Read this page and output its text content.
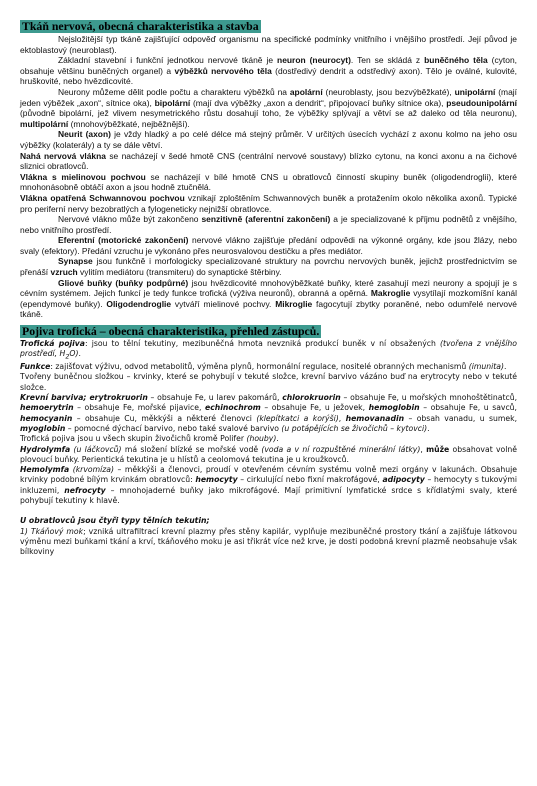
Tkáň nervová, obecná charakteristika a stavba

Nejsložitější typ tkáně zajišťující odpověď organismu na specifické podmínky vnitřního i vnějšího prostředí. Její původ je ektoblastový (neuroblast).

Základní stavební i funkční jednotkou nervové tkáně je neuron (neurocyt). Ten se skládá z buněčného těla (cyton, obsahuje většinu buněčných organel) a výběžků nervového těla (dostředivý dendrit a odstředivý axon). Tělo je oválné, kulovité, hruškovité, nebo hvězdicovité.

Neurony můžeme dělit podle počtu a charakteru výběžků na apolární (neuroblasty, jsou bezvýběžkaté), unipolární (mají jeden výběžek „axon“, sítnice oka), bipolární (mají dva výběžky „axon a dendrit“, připojovací buňky sítnice oka), pseudounipolární (původně bipolární, jež vlivem nesymetrického růstu dosahují toho, že výběžky splývají a větví se až daleko od těla neuronu), multipolární (mnohovýběžkaté, nejběžnější).

Neurit (axon) je vždy hladký a po celé délce má stejný průměr. V určitých úsecích vychází z axonu kolmo na jeho osu výběžky (kolaterály) a ty se dále větví.

Nahá nervová vlákna se nacházejí v šedé hmotě CNS (centrální nervové soustavy) blízko cytonu, na konci axonu a na čichové sliznici obratlovců.

Vlákna s mielinovou pochvou se nacházejí v bílé hmotě CNS u obratlovců činností skupiny buněk (oligodendroglii), které mnohonásobně obtáčí axon a jsou hodně ztučnělá.

Vlákna opatřená Schwannovou pochvou vznikají zploštěním Schwannových buněk a protažením okolo několika axonů. Typické pro periferní nervy bezobratlých a fylogeneticky nejnižší obratlovce.

Nervové vlákno může být zakončeno senzitivně (aferentní zakončení) a je specializované k příjmu podnětů z vnějšího, nebo vnitřního prostředí.

Eferentní (motorické zakončení) nervové vlákno zajišťuje předání odpovědi na výkonné orgány, kde jsou žlázy, nebo svaly (efektory). Předání vzruchu je vykonáno přes neurosvalovou destičku a přes mediátor.

Synapse jsou funkčně i morfologicky specializované struktury na povrchu nervových buněk, jejichž prostřednictvím se přenáší vzruch vylitím mediátoru (transmiteru) do synaptické štěrbiny.

Gliové buňky (buňky podpůrné) jsou hvězdicovité mnohovýběžkaté buňky, které zasahují mezi neurony a spojují je s cévním systémem. Jejich funkcí je tedy funkce trofická (výživa neuronů), obranná a opěrná. Makroglie vysytílají mozkomíšní kanál (ependymové buňky). Oligodendroglie vytváří mielinové pochvy. Mikroglie fagocytují zbytky poraněné, nebo odumřelé nervové tkáně.

Pojiva trofická – obecná charakteristika, přehled zástupců.

Trofická pojiva: jsou to tělní tekutiny, mezibuněčná hmota nevzniká produkcí buněk v ní obsažených (tvořena z vnějšího prostředí, $H_2O$).

Funkce: zajišťovat výživu, odvod metabolitů, výměna plynů, hormonální regulace, nositelé obranných mechanismů (imunita).

Tvořeny buněčnou složkou – krvinky, které se pohybují v tekuté složce, krevní barvivo vázáno buď na erytrocyty nebo v tekuté složce.

Krevní barviva; erytrokruorin – obsahuje Fe, u larev pakomárů, chlorokruorin – obsahuje Fe, u mořských mnohoštětinatců, hemoerytrin – obsahuje Fe, mořské pijavice, echinochrom – obsahuje Fe, u ježovek, hemoglobin – obsahuje Fe, u savců, hemocyanin – obsahuje Cu, měkkýši a některé členovci (klepítkatci a korýši), hemovanadin – obsah vanadu, u sumek, myoglobin – pomocné dýchací barvivo, nebo také svalové barvivo (u potápějících se živočichů – kytovci).

Trofická pojiva jsou u všech skupin živočichů kromě Polifer (houby).

Hydrolymfa (u láčkovců) má složení blízké se mořské vodě (voda a v ní rozpuštěné minerální látky), může obsahovat volně plovoucí buňky. Perientická tekutina je u hlístů a ceolomová tekutina je u kroužkovců.

Hemolymfa (krvomíza) – měkkýši a členovci, proudí v otevřeném cévním systému volně mezi orgány v lakunách. Obsahuje krvinky podobné bílým krvinkám obratlovců: hemocyty – cirkulující nebo fixní makrofágové, adipocyty – hemocyty s tukovými inkluzemi, nefrocyty – mnohojaderné buňky jako mikrofágové. Mají primitivní lymfatické srdce s křídlatými svaly, které pohybují tekutiny k hlavě.

U obratlovců jsou čtyři typy tělních tekutin;

1) Tkáňový mok; vzniká ultrafiltrací krevní plazmy přes stěny kapilár, vyplňuje mezibuněčné prostory tkání a zajišťuje látkovou výměnu mezi buňkami tkání a krví, tkáňového moku je asi třikrát více než krve, je dosti podobná krevní plazmě neobsahuje však bílkoviny
